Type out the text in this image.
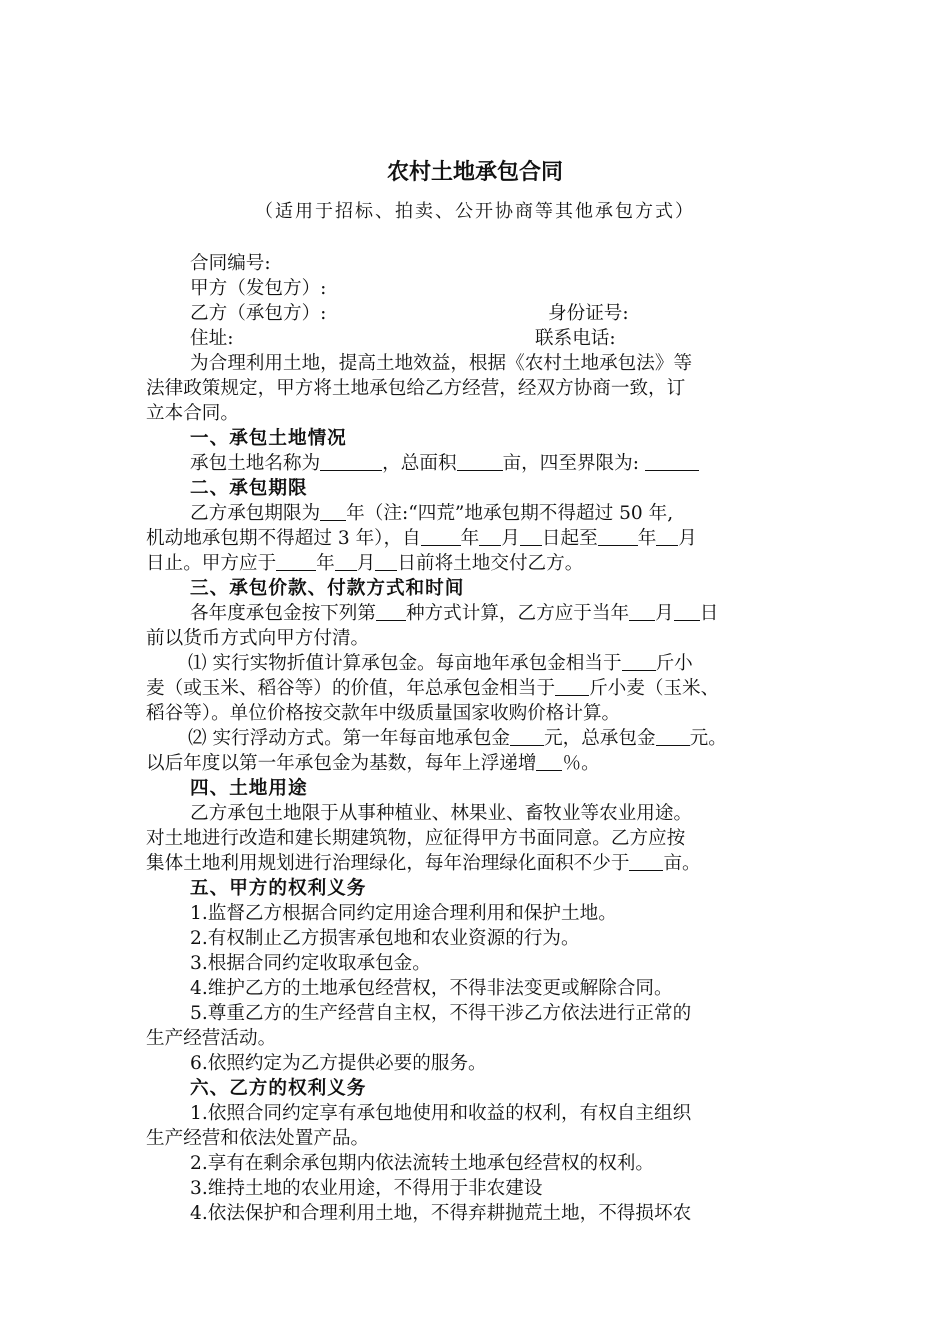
农村土地承包合同
（适用于招标、拍卖、公开协商等其他承包方式）
合同编号:
甲方（发包方）:
乙方（承包方）:	身份证号:
住址:	联系电话:
为合理利用土地，提高土地效益，根据《农村土地承包法》等
法律政策规定，甲方将土地承包给乙方经营，经双方协商一致，订
立本合同。
一、承包土地情况
承包土地名称为	，总面积 亩，四至界限为:
二、承包期限
乙方承包期限为 年（注:“四荒”地承包期不得超过 50 年,
机动地承包期不得超过 3 年），自 年 月 日起至 年 月
日止。甲方应于 年 月 日前将土地交付乙方。
三、承包价款、付款方式和时间
各年度承包金按下列第 种方式计算，乙方应于当年 月 日
前以货币方式向甲方付清。
⑴ 实行实物折值计算承包金。每亩地年承包金相当于 斤小
麦（或玉米、稻谷等）的价值，年总承包金相当于 斤小麦（玉米、
稻谷等）。单位价格按交款年中级质量国家收购价格计算。
⑵ 实行浮动方式。第一年每亩地承包金 元，总承包金 元。
以后年度以第一年承包金为基数，每年上浮递增 ％。
四、土地用途
乙方承包土地限于从事种植业、林果业、畜牧业等农业用途。
对土地进行改造和建长期建筑物，应征得甲方书面同意。乙方应按
集体土地利用规划进行治理绿化，每年治理绿化面积不少于 亩。
五、甲方的权利义务
1.监督乙方根据合同约定用途合理利用和保护土地。
2.有权制止乙方损害承包地和农业资源的行为。
3.根据合同约定收取承包金。
4.维护乙方的土地承包经营权，不得非法变更或解除合同。
5.尊重乙方的生产经营自主权，不得干涉乙方依法进行正常的
生产经营活动。
6.依照约定为乙方提供必要的服务。
六、乙方的权利义务
1.依照合同约定享有承包地使用和收益的权利，有权自主组织
生产经营和依法处置产品。
2.享有在剩余承包期内依法流转土地承包经营权的权利。
3.维持土地的农业用途，不得用于非农建设
4.依法保护和合理利用土地，不得弃耕抛荒土地，不得损坏农
